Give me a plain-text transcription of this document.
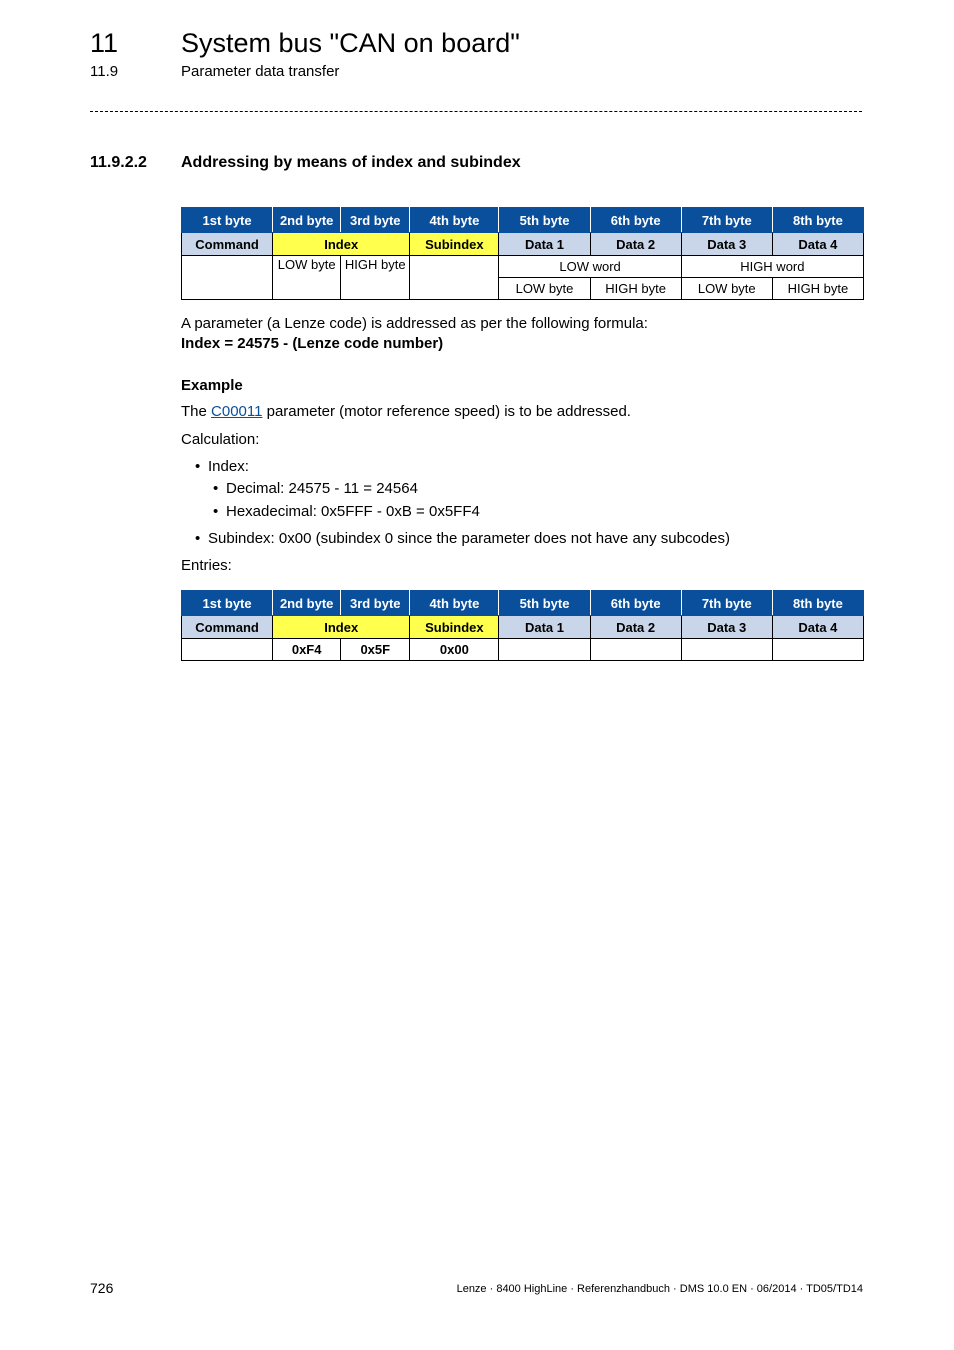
11 System bus "CAN on board"
11.9	Parameter data transfer
11.9.2.2 Addressing by means of index and subindex
1st byte	2nd byte	3rd byte	4th byte	5th byte	6th byte	7th byte	8th byte
Command	Index		Subindex	Data 1	Data 2	Data 3	Data 4
	LOW byte	HIGH byte		LOW word		HIGH word	
				LOW byte	HIGH byte	LOW byte	HIGH byte
A parameter (a Lenze code) is addressed as per the following formula:
Index = 24575 - (Lenze code number)
Example
The C00011 parameter (motor reference speed) is to be addressed.
Calculation:
• Index:
• Decimal: 24575 - 11 = 24564
• Hexadecimal: 0x5FFF - 0xB = 0x5FF4
• Subindex: 0x00 (subindex 0 since the parameter does not have any subcodes)
Entries:
1st byte	2nd byte	3rd byte	4th byte	5th byte	6th byte	7th byte	8th byte
Command	Index		Subindex	Data 1	Data 2	Data 3	Data 4
	0xF4	0x5F	0x00				
726	Lenze · 8400 HighLine · Referenzhandbuch · DMS 10.0 EN · 06/2014 · TD05/TD14
